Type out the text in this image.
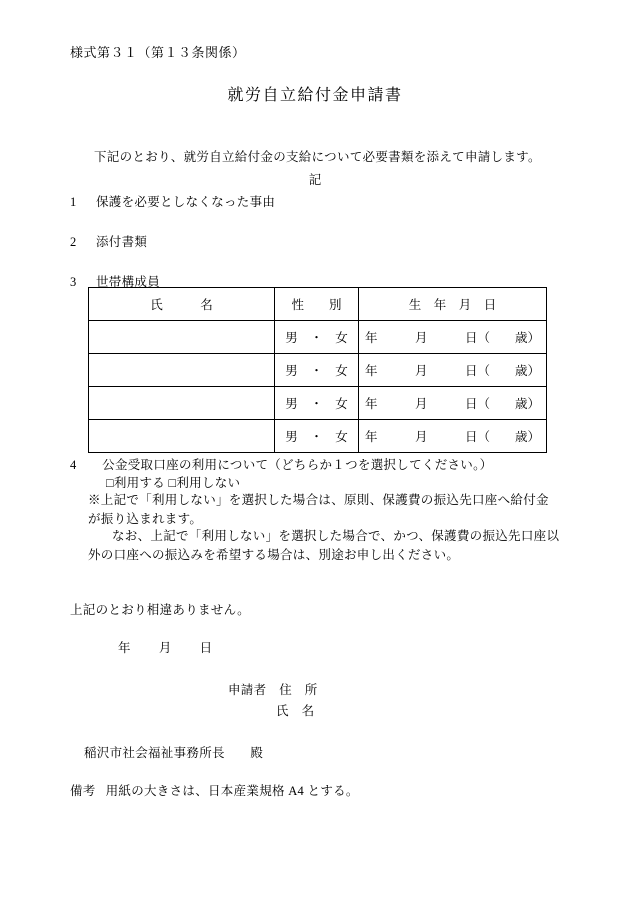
様式第３１（第１３条関係）
就労自立給付金申請書
下記のとおり、就労自立給付金の支給について必要書類を添えて申請します。
記
1 保護を必要としなくなった事由
2 添付書類
3 世帯構成員
氏　　　名	性　　別	生　年　月　日
	男　・　女	年　　　月　　　日（　　歳）
	男　・　女	年　　　月　　　日（　　歳）
	男　・　女	年　　　月　　　日（　　歳）
	男　・　女	年　　　月　　　日（　　歳）
4　　公金受取口座の利用について（どちらか１つを選択してください。）
□利用する □利用しない
※上記で「利用しない」を選択した場合は、原則、保護費の振込先口座へ給付金が振り込まれます。
なお、上記で「利用しない」を選択した場合で、かつ、保護費の振込先口座以外の口座への振込みを希望する場合は、別途お申し出ください。
上記のとおり相違ありません。
年 月 日
申請者　住　所
氏　名
稲沢市社会福祉事務所長　　殿
備考 用紙の大きさは、日本産業規格 A4 とする。
